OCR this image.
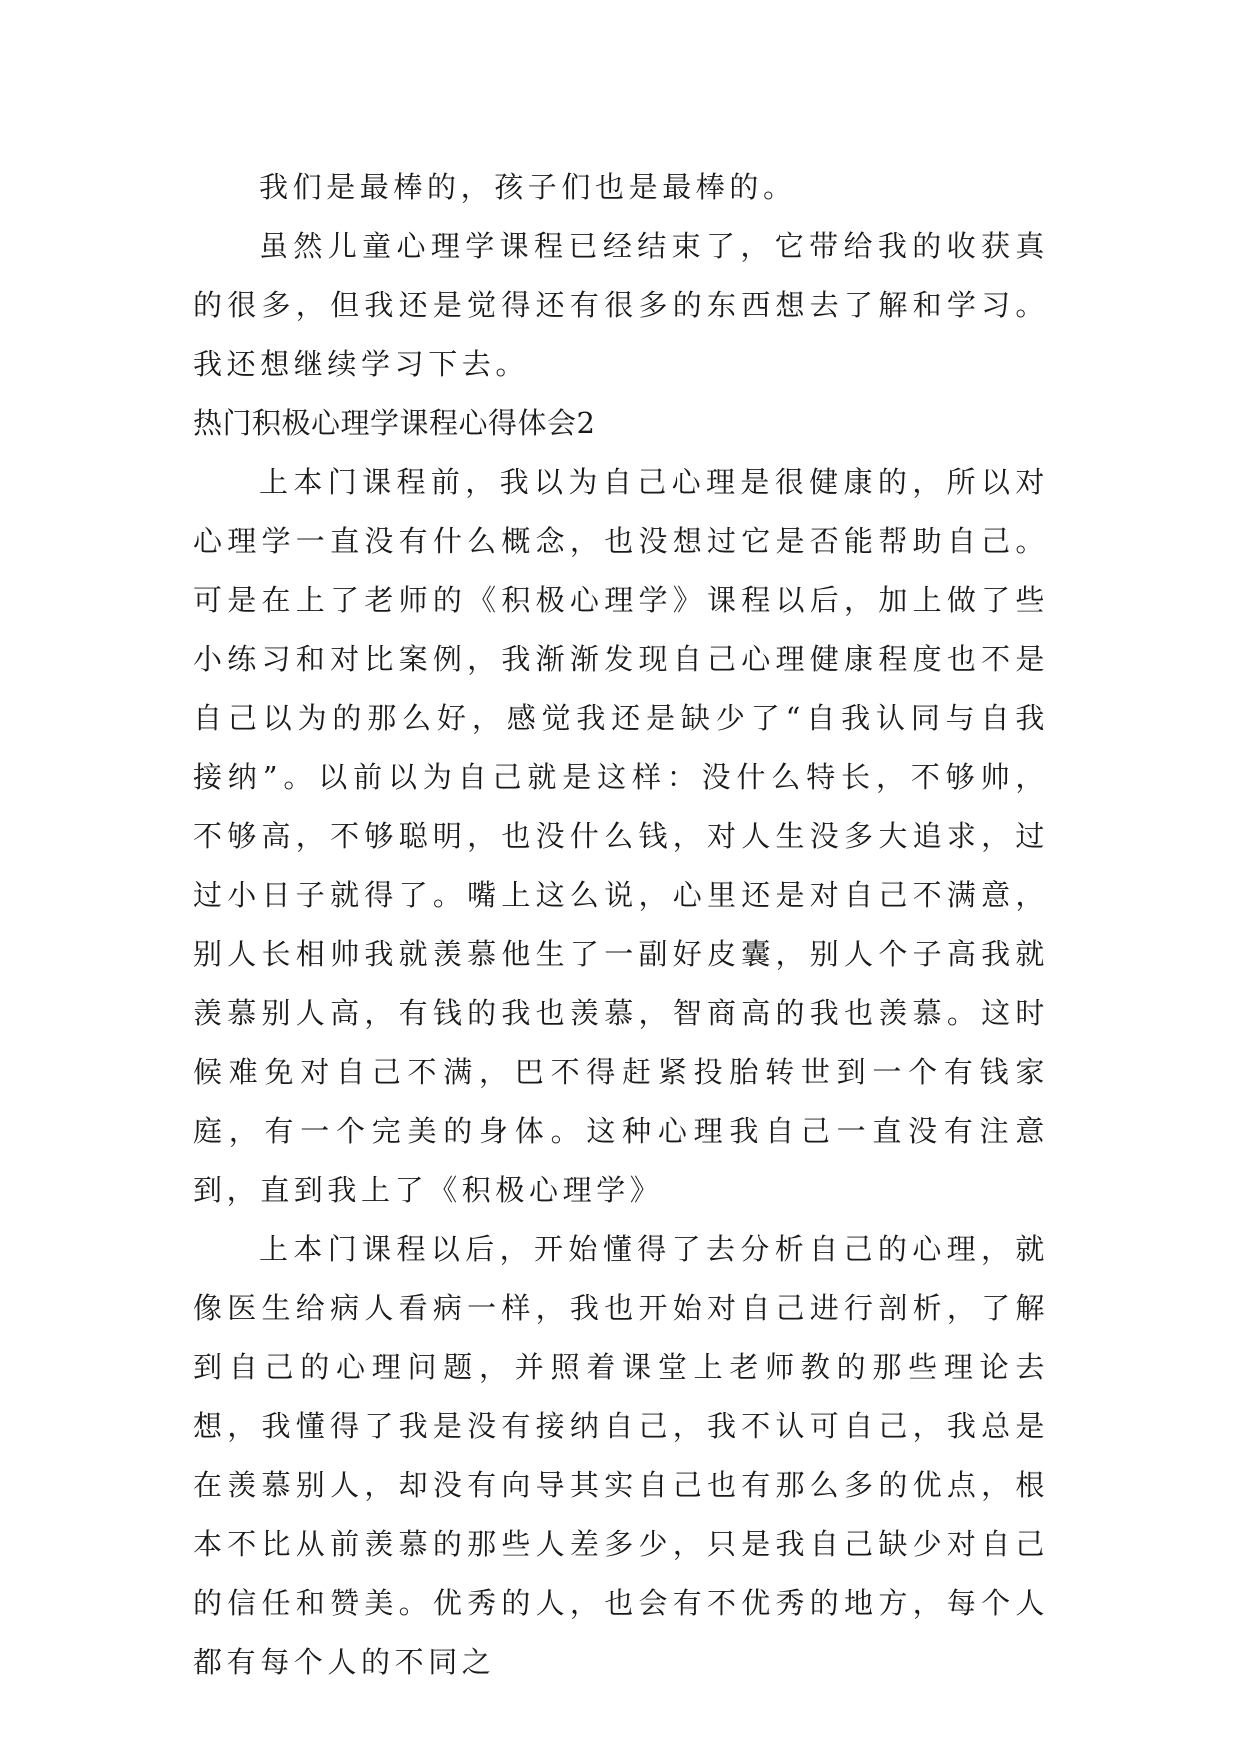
我们是最棒的，孩子们也是最棒的。

虽然儿童心理学课程已经结束了，它带给我的收获真的很多，但我还是觉得还有很多的东西想去了解和学习。我还想继续学习下去。

热门积极心理学课程心得体会2

上本门课程前，我以为自己心理是很健康的，所以对心理学一直没有什么概念，也没想过它是否能帮助自己。可是在上了老师的《积极心理学》课程以后，加上做了些小练习和对比案例，我渐渐发现自己心理健康程度也不是自己以为的那么好，感觉我还是缺少了“自我认同与自我接纳”。以前以为自己就是这样：没什么特长，不够帅，不够高，不够聪明，也没什么钱，对人生没多大追求，过过小日子就得了。嘴上这么说，心里还是对自己不满意，别人长相帅我就羡慕他生了一副好皮囊，别人个子高我就羡慕别人高，有钱的我也羡慕，智商高的我也羡慕。这时候难免对自己不满，巴不得赶紧投胎转世到一个有钱家庭，有一个完美的身体。这种心理我自己一直没有注意到，直到我上了《积极心理学》

上本门课程以后，开始懂得了去分析自己的心理，就像医生给病人看病一样，我也开始对自己进行剖析，了解到自己的心理问题，并照着课堂上老师教的那些理论去想，我懂得了我是没有接纳自己，我不认可自己，我总是在羡慕别人，却没有向导其实自己也有那么多的优点，根本不比从前羡慕的那些人差多少，只是我自己缺少对自己的信任和赞美。优秀的人，也会有不优秀的地方，每个人都有每个人的不同之
